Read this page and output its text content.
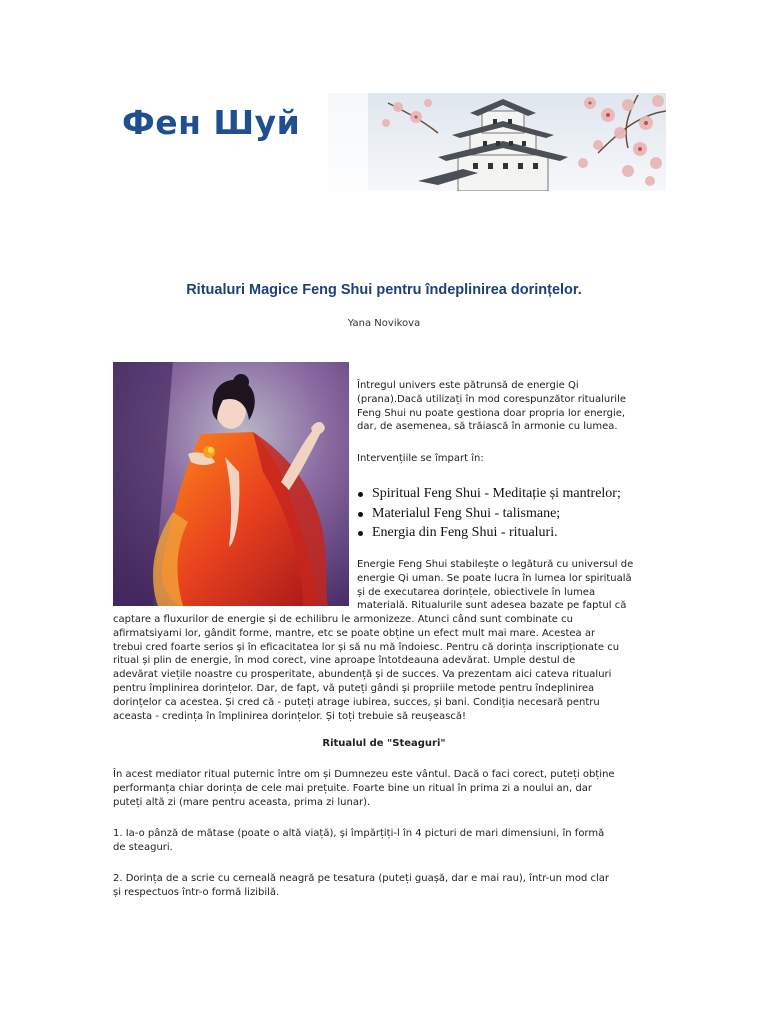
Фен Шуй
Ritualuri Magice Feng Shui pentru îndeplinirea dorințelor.
Yana Novikova
Întregul univers este pătrunsă de energie Qi
(prana).Dacă utilizați în mod corespunzător ritualurile
Feng Shui nu poate gestiona doar propria lor energie,
dar, de asemenea, să trăiască în armonie cu lumea.
Intervențiile se împart în:
Spiritual Feng Shui - Meditație și mantrelor;
Materialul Feng Shui - talismane;
Energia din Feng Shui - ritualuri.
Energie Feng Shui stabilește o legătură cu universul de
energie Qi uman. Se poate lucra în lumea lor spirituală
și de executarea dorințele, obiectivele în lumea
materială. Ritualurile sunt adesea bazate pe faptul că
captare a fluxurilor de energie și de echilibru le armonizeze. Atunci când sunt combinate cu
afirmatsiyami lor, gândit forme, mantre, etc se poate obține un efect mult mai mare. Acestea ar
trebui cred foarte serios și în eficacitatea lor și să nu mă îndoiesc. Pentru că dorința inscripționate cu
ritual și plin de energie, în mod corect, vine aproape întotdeauna adevărat. Umple destul de
adevărat viețile noastre cu prosperitate, abundență și de succes. Va prezentam aici cateva ritualuri
pentru împlinirea dorințelor. Dar, de fapt, vă puteți gândi și propriile metode pentru îndeplinirea
dorințelor ca acestea. Și cred că - puteți atrage iubirea, succes, și bani. Condiția necesară pentru
aceasta - credința în împlinirea dorințelor. Și toți trebuie să reușească!
Ritualul de "Steaguri"
În acest mediator ritual puternic între om și Dumnezeu este vântul. Dacă o faci corect, puteți obține
performanța chiar dorința de cele mai prețuite. Foarte bine un ritual în prima zi a noului an, dar
puteți altă zi (mare pentru aceasta, prima zi lunar).
1. Ia-o pânză de mătase (poate o altă viață), și împărțiți-l în 4 picturi de mari dimensiuni, în formă
de steaguri.
2. Dorința de a scrie cu cerneală neagră pe tesatura (puteți guașă, dar e mai rau), într-un mod clar
și respectuos într-o formă lizibilă.
